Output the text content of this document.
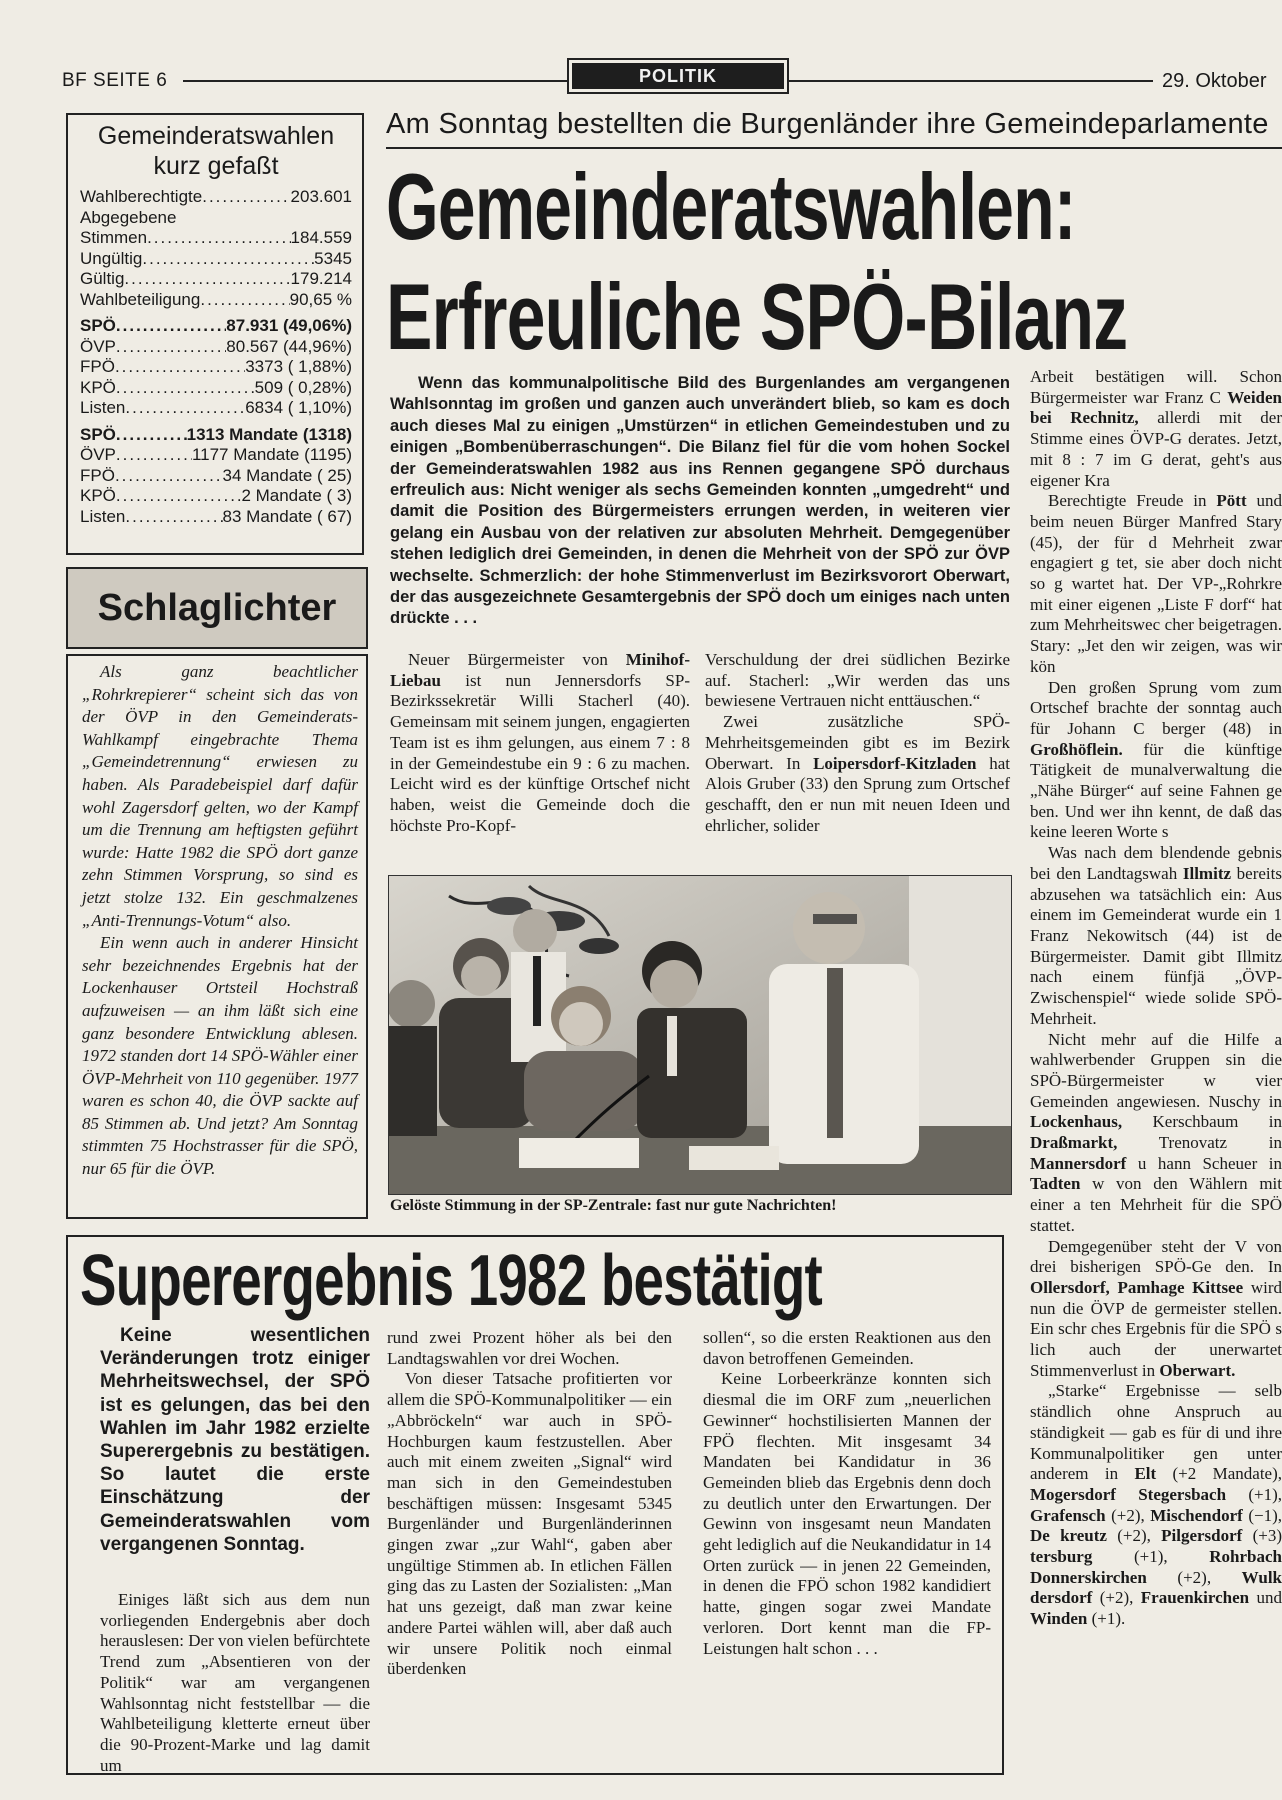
BF SEITE 6	POLITIK	29. Oktober
Gemeinderatswahlen
kurz gefaßt
Wahlberechtigte .....	203.601
Abgegebene
Stimmen .....	184.559
Ungültig .....	5345
Gültig .....	179.214
Wahlbeteiligung .....	90,65 %
SPÖ .....	87.931 (49,06%)
ÖVP .....	80.567 (44,96%)
FPÖ .....	3373 ( 1,88%)
KPÖ .....	509 ( 0,28%)
Listen .....	6834 ( 1,10%)
SPÖ .....	1313 Mandate (1318)
ÖVP .....	1177 Mandate (1195)
FPÖ .....	34 Mandate ( 25)
KPÖ .....	2 Mandate ( 3)
Listen .....	83 Mandate ( 67)
Schlaglichter

Als ganz beachtlicher „Rohrkrepierer“ scheint sich das von der ÖVP in den Gemeinderats-Wahlkampf eingebrachte Thema „Gemeindetrennung“ erwiesen zu haben. Als Paradebeispiel darf dafür wohl Zagersdorf gelten, wo der Kampf um die Trennung am heftigsten geführt wurde: Hatte 1982 die SPÖ dort ganze zehn Stimmen Vorsprung, so sind es jetzt stolze 132. Ein geschmalzenes „Anti-Trennungs-Votum“ also.

Ein wenn auch in anderer Hinsicht sehr bezeichnendes Ergebnis hat der Lockenhauser Ortsteil Hochstraß aufzuweisen — an ihm läßt sich eine ganz besondere Entwicklung ablesen. 1972 standen dort 14 SPÖ-Wähler einer ÖVP-Mehrheit von 110 gegenüber. 1977 waren es schon 40, die ÖVP sackte auf 85 Stimmen ab. Und jetzt? Am Sonntag stimmten 75 Hochstrasser für die SPÖ, nur 65 für die ÖVP.

Am Sonntag bestellten die Burgenländer ihre Gemeindeparlamente
Gemeinderatswahlen:
Erfreuliche SPÖ-Bilanz

Wenn das kommunalpolitische Bild des Burgenlandes am vergangenen Wahlsonntag im großen und ganzen auch unverändert blieb, so kam es doch auch dieses Mal zu einigen „Umstürzen“ in etlichen Gemeindestuben und zu einigen „Bombenüberraschungen“. Die Bilanz fiel für die vom hohen Sockel der Gemeinderatswahlen 1982 aus ins Rennen gegangene SPÖ durchaus erfreulich aus: Nicht weniger als sechs Gemeinden konnten „umgedreht“ und damit die Position des Bürgermeisters errungen werden, in weiteren vier gelang ein Ausbau von der relativen zur absoluten Mehrheit. Demgegenüber stehen lediglich drei Gemeinden, in denen die Mehrheit von der SPÖ zur ÖVP wechselte. Schmerzlich: der hohe Stimmenverlust im Bezirksvorort Oberwart, der das ausgezeichnete Gesamtergebnis der SPÖ doch um einiges nach unten drückte . . .

Neuer Bürgermeister von Minihof-Liebau ist nun Jennersdorfs SP-Bezirkssekretär Willi Stacherl (40). Gemeinsam mit seinem jungen, engagierten Team ist es ihm gelungen, aus einem 7 : 8 in der Gemeindestube ein 9 : 6 zu machen. Leicht wird es der künftige Ortschef nicht haben, weist die Gemeinde doch die höchste Pro-Kopf-

Verschuldung der drei südlichen Bezirke auf. Stacherl: „Wir werden das uns bewiesene Vertrauen nicht enttäuschen.“

Zwei zusätzliche SPÖ-Mehrheitsgemeinden gibt es im Bezirk Oberwart. In Loipersdorf-Kitzladen hat Alois Gruber (33) den Sprung zum Ortschef geschafft, den er nun mit neuen Ideen und ehrlicher, solider

Gelöste Stimmung in der SP-Zentrale: fast nur gute Nachrichten!

Arbeit bestätigen will. Schon Bürgermeister war Franz C Weiden bei Rechnitz, allerdi mit der Stimme eines ÖVP-G derates. Jetzt, mit 8 : 7 im G derat, geht's aus eigener Kra

Berechtigte Freude in Pött und beim neuen Bürger Manfred Stary (45), der für d Mehrheit zwar engagiert g tet, sie aber doch nicht so g wartet hat. Der VP-„Rohrkre mit einer eigenen „Liste F dorf“ hat zum Mehrheitswec cher beigetragen. Stary: „Jet den wir zeigen, was wir kön

Den großen Sprung vom zum Ortschef brachte der sonntag auch für Johann C berger (48) in Großhöflein. für die künftige Tätigkeit de munalverwaltung die „Nähe Bürger“ auf seine Fahnen ge ben. Und wer ihn kennt, de daß das keine leeren Worte s

Was nach dem blendende gebnis bei den Landtagswah Illmitz bereits abzusehen wa tatsächlich ein: Aus einem im Gemeinderat wurde ein 1 Franz Nekowitsch (44) ist de Bürgermeister. Damit gibt Illmitz nach einem fünfjä „ÖVP-Zwischenspiel“ wiede solide SPÖ-Mehrheit.

Nicht mehr auf die Hilfe a wahlwerbender Gruppen sin die SPÖ-Bürgermeister w vier Gemeinden angewiesen. Nuschy in Lockenhaus, Kerschbaum in Draßmarkt, Trenovatz in Mannersdorf u hann Scheuer in Tadten w von den Wählern mit einer a ten Mehrheit für die SPÖ stattet.

Demgegenüber steht der V von drei bisherigen SPÖ-Ge den. In Ollersdorf, Pamhage Kittsee wird nun die ÖVP de germeister stellen. Ein schr ches Ergebnis für die SPÖ s lich auch der unerwartet Stimmenverlust in Oberwart.

„Starke“ Ergebnisse — selb ständlich ohne Anspruch au ständigkeit — gab es für di und ihre Kommunalpolitiker gen unter anderem in Elt (+2 Mandate), Mogersdorf Stegersbach (+1), Grafensch (+2), Mischendorf (−1), De kreutz (+2), Pilgersdorf (+3) tersburg (+1), Rohrbach Donnerskirchen (+2), Wulk dersdorf (+2), Frauenkirchen und Winden (+1).

Superergebnis 1982 bestätigt

Keine wesentlichen Veränderungen trotz einiger Mehrheitswechsel, der SPÖ ist es gelungen, das bei den Wahlen im Jahr 1982 erzielte Superergebnis zu bestätigen. So lautet die erste Einschätzung der Gemeinderatswahlen vom vergangenen Sonntag.

Einiges läßt sich aus dem nun vorliegenden Endergebnis aber doch herauslesen: Der von vielen befürchtete Trend zum „Absentieren von der Politik“ war am vergangenen Wahlsonntag nicht feststellbar — die Wahlbeteiligung kletterte erneut über die 90-Prozent-Marke und lag damit um

rund zwei Prozent höher als bei den Landtagswahlen vor drei Wochen.

Von dieser Tatsache profitierten vor allem die SPÖ-Kommunalpolitiker — ein „Abbröckeln“ war auch in SPÖ-Hochburgen kaum festzustellen. Aber auch mit einem zweiten „Signal“ wird man sich in den Gemeindestuben beschäftigen müssen: Insgesamt 5345 Burgenländer und Burgenländerinnen gingen zwar „zur Wahl“, gaben aber ungültige Stimmen ab. In etlichen Fällen ging das zu Lasten der Sozialisten: „Man hat uns gezeigt, daß man zwar keine andere Partei wählen will, aber daß auch wir unsere Politik noch einmal überdenken

sollen“, so die ersten Reaktionen aus den davon betroffenen Gemeinden.

Keine Lorbeerkränze konnten sich diesmal die im ORF zum „neuerlichen Gewinner“ hochstilisierten Mannen der FPÖ flechten. Mit insgesamt 34 Mandaten bei Kandidatur in 36 Gemeinden blieb das Ergebnis denn doch zu deutlich unter den Erwartungen. Der Gewinn von insgesamt neun Mandaten geht lediglich auf die Neukandidatur in 14 Orten zurück — in jenen 22 Gemeinden, in denen die FPÖ schon 1982 kandidiert hatte, gingen sogar zwei Mandate verloren. Dort kennt man die FP-Leistungen halt schon . . .
